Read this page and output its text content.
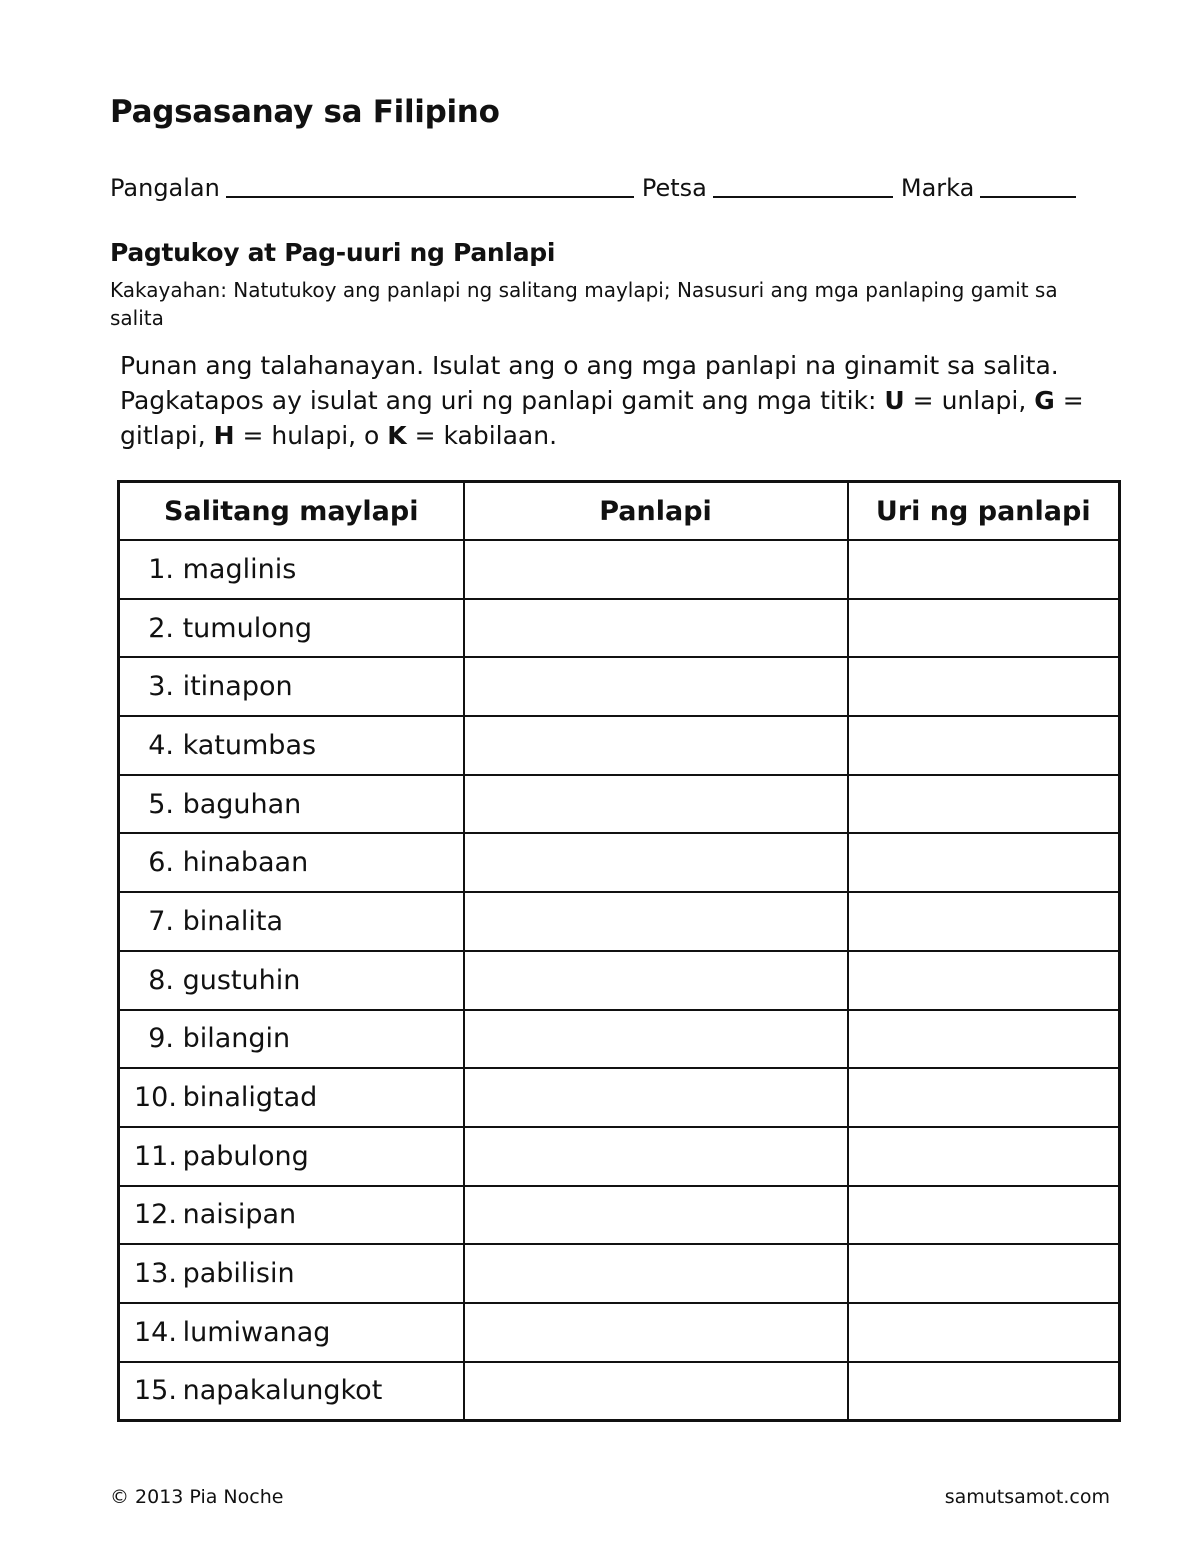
Pagsasanay sa Filipino
Pangalan	Petsa	Marka
Pagtukoy at Pag-uuri ng Panlapi
Kakayahan: Natutukoy ang panlapi ng salitang maylapi; Nasusuri ang mga panlaping gamit sa salita
Punan ang talahanayan. Isulat ang o ang mga panlapi na ginamit sa salita. Pagkatapos ay isulat ang uri ng panlapi gamit ang mga titik: U = unlapi, G = gitlapi, H = hulapi, o K = kabilaan.
Salitang maylapi	Panlapi	Uri ng panlapi
1. maglinis		
2. tumulong		
3. itinapon		
4. katumbas		
5. baguhan		
6. hinabaan		
7. binalita		
8. gustuhin		
9. bilangin		
10. binaligtad		
11. pabulong		
12. naisipan		
13. pabilisin		
14. lumiwanag		
15. napakalungkot		
© 2013 Pia Noche	samutsamot.com
